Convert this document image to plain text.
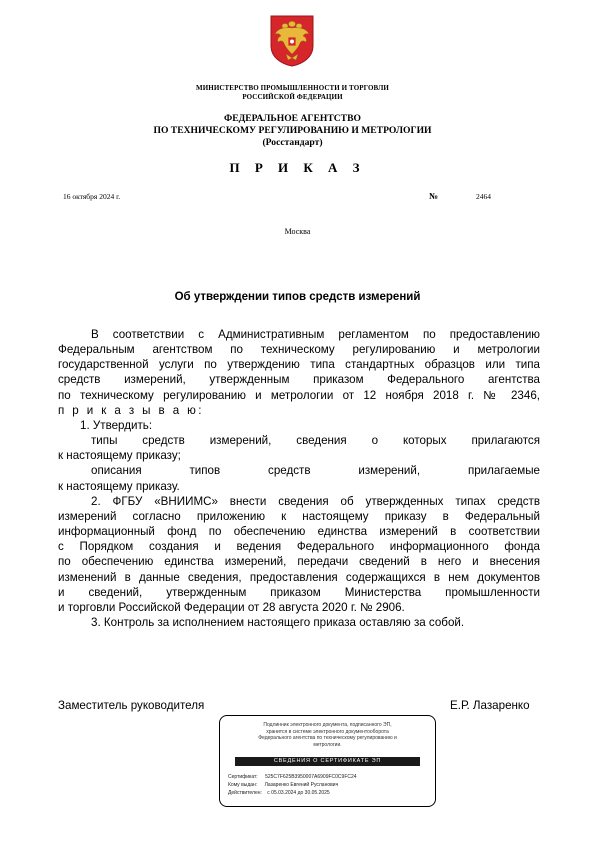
МИНИСТЕРСТВО ПРОМЫШЛЕННОСТИ И ТОРГОВЛИ
РОССИЙСКОЙ ФЕДЕРАЦИИ
ФЕДЕРАЛЬНОЕ АГЕНТСТВО
ПО ТЕХНИЧЕСКОМУ РЕГУЛИРОВАНИЮ И МЕТРОЛОГИИ
(Росстандарт)
П Р И К А З
16 октября 2024 г.	№	2464
Москва
Об утверждении типов средств измерений

В соответствии с Административным регламентом по предоставлению

Федеральным агентством по техническому регулированию и метрологии

государственной услуги по утверждению типа стандартных образцов или типа

средств измерений, утвержденным приказом Федерального агентства

по техническому регулированию и метрологии от 12 ноября 2018 г. № 2346,

п р и к а з ы в а ю:

1. Утвердить:

типы средств измерений, сведения о которых прилагаются

к настоящему приказу;

описания типов средств измерений, прилагаемые

к настоящему приказу.

2. ФГБУ «ВНИИМС» внести сведения об утвержденных типах средств

измерений согласно приложению к настоящему приказу в Федеральный

информационный фонд по обеспечению единства измерений в соответствии

с Порядком создания и ведения Федерального информационного фонда

по обеспечению единства измерений, передачи сведений в него и внесения

изменений в данные сведения, предоставления содержащихся в нем документов

и сведений, утвержденным приказом Министерства промышленности

и торговли Российской Федерации от 28 августа 2020 г. № 2906.

3. Контроль за исполнением настоящего приказа оставляю за собой.

Заместитель руководителя	Е.Р. Лазаренко
Подлинник электронного документа, подписанного ЭП,
хранится в системе электронного документооборота
Федерального агентства по техническому регулированию и
метрологии.
СВЕДЕНИЯ О СЕРТИФИКАТЕ ЭП
Сертификат: 525C7F625B3950007A6909FC0C9FC24
Кому выдан: Лазаренко Евгений Русланович
Действителен: с 05.03.2024 до 30.05.2025
